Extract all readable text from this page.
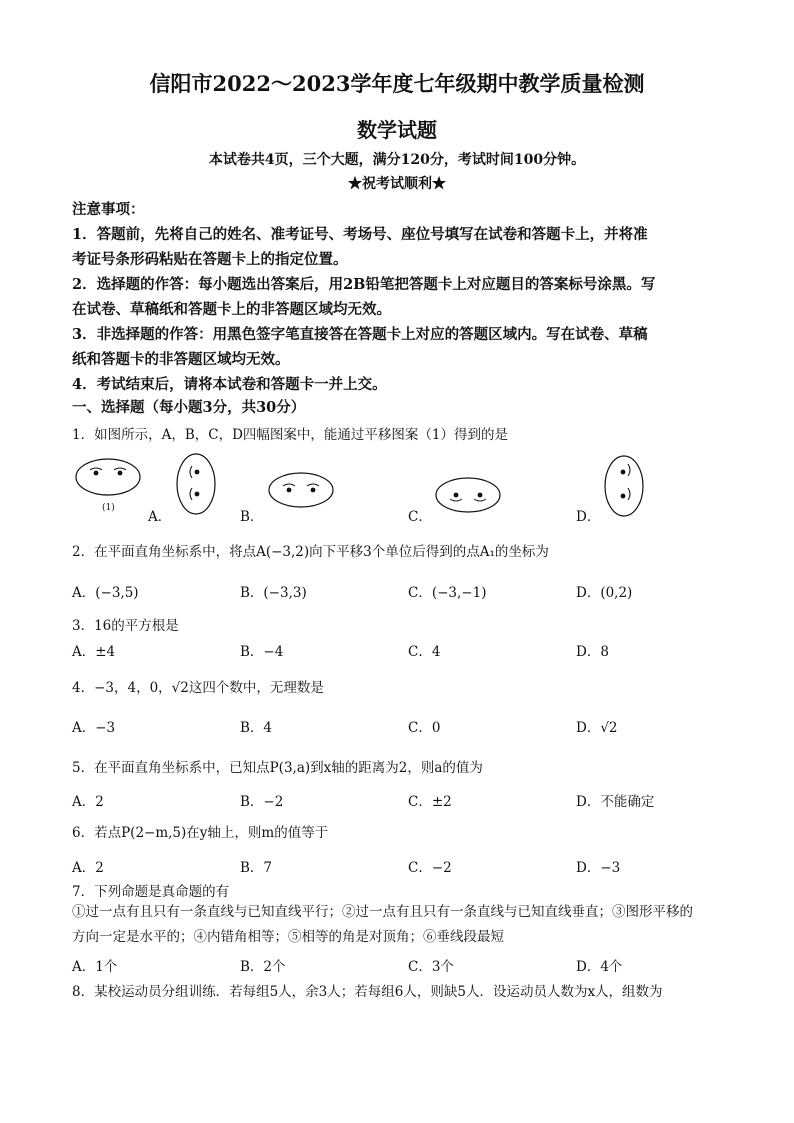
信阳市2022～2023学年度七年级期中教学质量检测
数学试题
本试卷共4页，三个大题，满分120分，考试时间100分钟。
★祝考试顺利★

注意事项：

1．答题前，先将自己的姓名、准考证号、考场号、座位号填写在试卷和答题卡上，并将准

考证号条形码粘贴在答题卡上的指定位置。

2．选择题的作答：每小题选出答案后，用2B铅笔把答题卡上对应题目的答案标号涂黑。写

在试卷、草稿纸和答题卡上的非答题区域均无效。

3．非选择题的作答：用黑色签字笔直接答在答题卡上对应的答题区域内。写在试卷、草稿

纸和答题卡的非答题区域均无效。

4．考试结束后，请将本试卷和答题卡一并上交。

一、选择题（每小题3分，共30分）
1．如图所示，A，B，C，D四幅图案中，能通过平移图案（1）得到的是
(1)
A．	B．	C．	D．
2．在平面直角坐标系中，将点A(−3,2)向下平移3个单位后得到的点A₁的坐标为
A．(−3,5)	B．(−3,3)	C．(−3,−1)	D．(0,2)
3．16的平方根是
A．±4	B．−4	C．4	D．8
4．−3，4，0，√2这四个数中，无理数是
A．−3	B．4	C．0	D．√2
5．在平面直角坐标系中，已知点P(3,a)到x轴的距离为2，则a的值为
A．2	B．−2	C．±2	D．不能确定
6．若点P(2−m,5)在y轴上，则m的值等于
A．2	B．7	C．−2	D．−3
7．下列命题是真命题的有
①过一点有且只有一条直线与已知直线平行；②过一点有且只有一条直线与已知直线垂直；③图形平移的
方向一定是水平的；④内错角相等；⑤相等的角是对顶角；⑥垂线段最短
A．1个	B．2个	C．3个	D．4个
8．某校运动员分组训练．若每组5人，余3人；若每组6人，则缺5人．设运动员人数为x人，组数为
